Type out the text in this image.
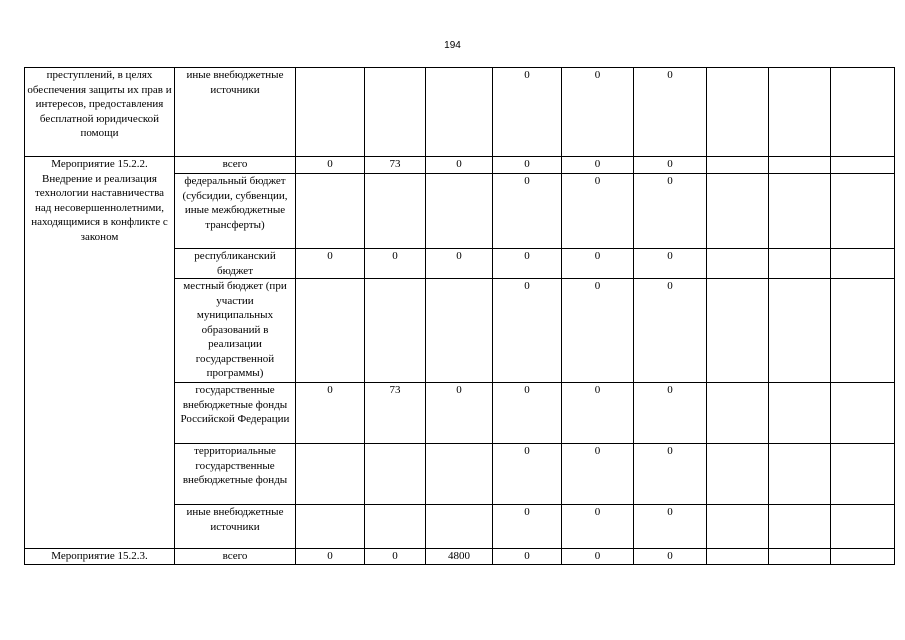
194
преступлений, в целях обеспечения защиты их прав и интересов, предоставления бесплатной юридической помощи	иные внебюджетные источники				0	0	0			
Мероприятие 15.2.2. Внедрение и реализация технологии наставничества над несовершеннолетними, находящимися в конфликте с законом	всего	0	73	0	0	0	0			
	федеральный бюджет (субсидии, субвенции, иные межбюджетные трансферты)				0	0	0			
	республиканский бюджет	0	0	0	0	0	0			
	местный бюджет (при участии муниципальных образований в реализации государственной программы)				0	0	0			
	государственные внебюджетные фонды Российской Федерации	0	73	0	0	0	0			
	территориальные государственные внебюджетные фонды				0	0	0			
	иные внебюджетные источники				0	0	0			
Мероприятие 15.2.3.	всего	0	0	4800	0	0	0			
